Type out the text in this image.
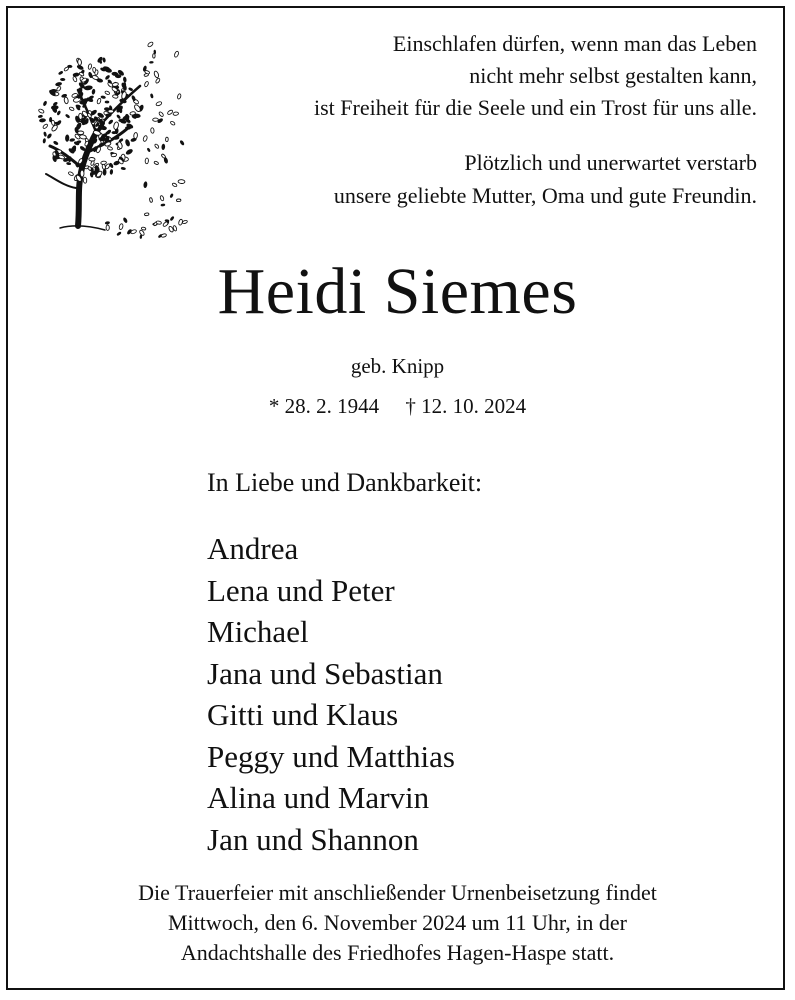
Einschlafen dürfen, wenn man das Leben
nicht mehr selbst gestalten kann,
ist Freiheit für die Seele und ein Trost für uns alle.
Plötzlich und unerwartet verstarb
unsere geliebte Mutter, Oma und gute Freundin.
Heidi Siemes
geb. Knipp
* 28. 2. 1944     † 12. 10. 2024
In Liebe und Dankbarkeit:
Andrea
Lena und Peter
Michael
Jana und Sebastian
Gitti und Klaus
Peggy und Matthias
Alina und Marvin
Jan und Shannon
Die Trauerfeier mit anschließender Urnenbeisetzung findet
Mittwoch, den 6. November 2024 um 11 Uhr, in der
Andachtshalle des Friedhofes Hagen-Haspe statt.
